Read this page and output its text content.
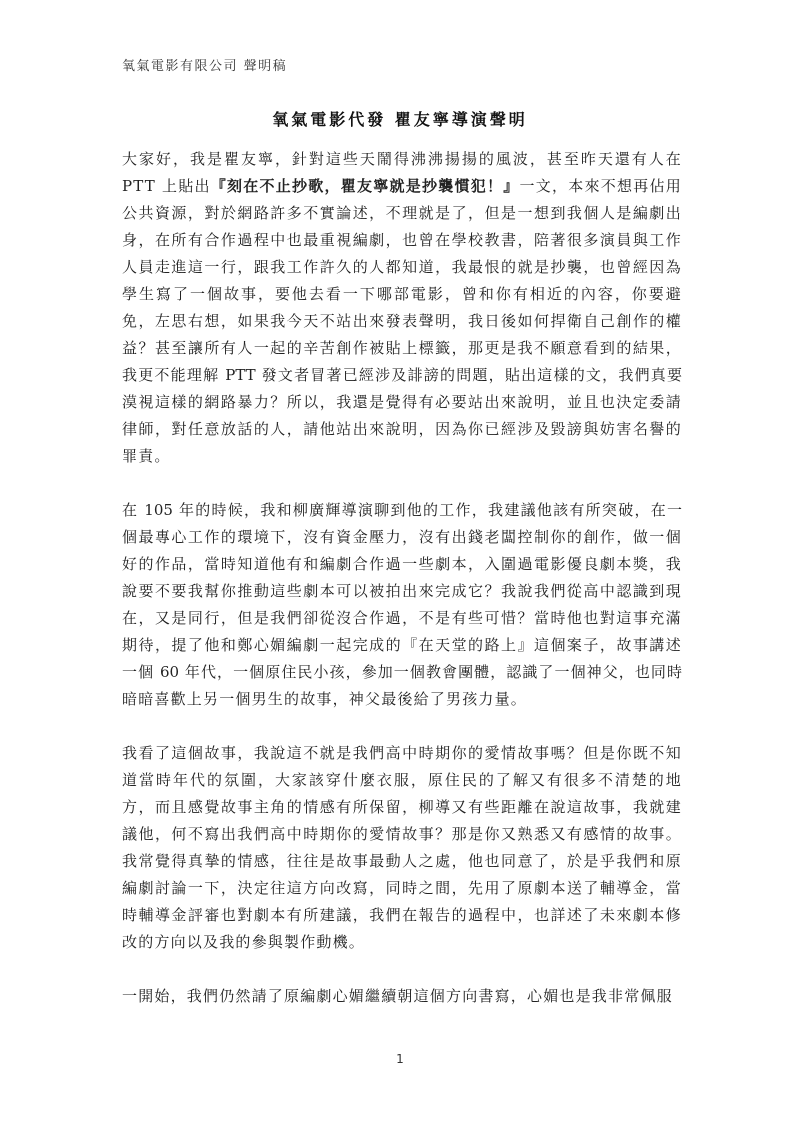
氧氣電影有限公司 聲明稿
氧氣電影代發 瞿友寧導演聲明
大家好，我是瞿友寧，針對這些天鬧得沸沸揚揚的風波，甚至昨天還有人在
PTT 上貼出『刻在不止抄歌，瞿友寧就是抄襲慣犯！』一文，本來不想再佔用
公共資源，對於網路許多不實論述，不理就是了，但是一想到我個人是編劇出
身，在所有合作過程中也最重視編劇，也曾在學校教書，陪著很多演員與工作
人員走進這一行，跟我工作許久的人都知道，我最恨的就是抄襲，也曾經因為
學生寫了一個故事，要他去看一下哪部電影，曾和你有相近的內容，你要避
免，左思右想，如果我今天不站出來發表聲明，我日後如何捍衛自己創作的權
益？甚至讓所有人一起的辛苦創作被貼上標籤，那更是我不願意看到的結果，
我更不能理解 PTT 發文者冒著已經涉及誹謗的問題，貼出這樣的文，我們真要
漠視這樣的網路暴力？所以，我還是覺得有必要站出來說明，並且也決定委請
律師，對任意放話的人，請他站出來說明，因為你已經涉及毀謗與妨害名譽的
罪責。
在 105 年的時候，我和柳廣輝導演聊到他的工作，我建議他該有所突破，在一
個最專心工作的環境下，沒有資金壓力，沒有出錢老闆控制你的創作，做一個
好的作品，當時知道他有和編劇合作過一些劇本，入圍過電影優良劇本獎，我
說要不要我幫你推動這些劇本可以被拍出來完成它？我說我們從高中認識到現
在，又是同行，但是我們卻從沒合作過，不是有些可惜？當時他也對這事充滿
期待，提了他和鄭心媚編劇一起完成的『在天堂的路上』這個案子，故事講述
一個 60 年代，一個原住民小孩，參加一個教會團體，認識了一個神父，也同時
暗暗喜歡上另一個男生的故事，神父最後給了男孩力量。
我看了這個故事，我說這不就是我們高中時期你的愛情故事嗎？但是你既不知
道當時年代的氛圍，大家該穿什麼衣服，原住民的了解又有很多不清楚的地
方，而且感覺故事主角的情感有所保留，柳導又有些距離在說這故事，我就建
議他，何不寫出我們高中時期你的愛情故事？那是你又熟悉又有感情的故事。
我常覺得真摯的情感，往往是故事最動人之處，他也同意了，於是乎我們和原
編劇討論一下，決定往這方向改寫，同時之間，先用了原劇本送了輔導金，當
時輔導金評審也對劇本有所建議，我們在報告的過程中，也詳述了未來劇本修
改的方向以及我的參與製作動機。
一開始，我們仍然請了原編劇心媚繼續朝這個方向書寫，心媚也是我非常佩服
1
